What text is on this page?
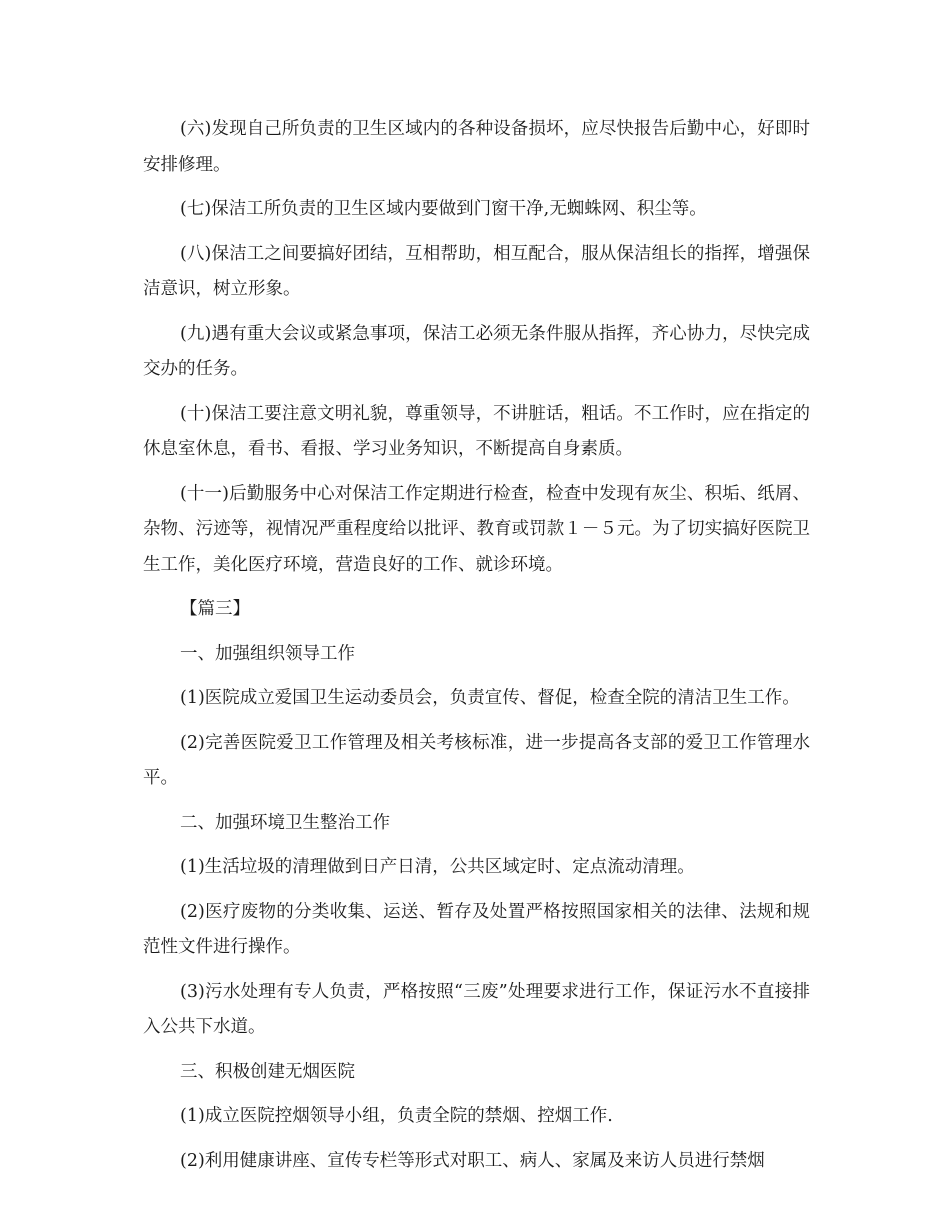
(六)发现自己所负责的卫生区域内的各种设备损坏，应尽快报告后勤中心，好即时安排修理。

(七)保洁工所负责的卫生区域内要做到门窗干净,无蜘蛛网、积尘等。

(八)保洁工之间要搞好团结，互相帮助，相互配合，服从保洁组长的指挥，增强保洁意识，树立形象。

(九)遇有重大会议或紧急事项，保洁工必须无条件服从指挥，齐心协力，尽快完成交办的任务。

(十)保洁工要注意文明礼貌，尊重领导，不讲脏话，粗话。不工作时，应在指定的休息室休息，看书、看报、学习业务知识，不断提高自身素质。

(十一)后勤服务中心对保洁工作定期进行检查，检查中发现有灰尘、积垢、纸屑、杂物、污迹等，视情况严重程度给以批评、教育或罚款１－５元。为了切实搞好医院卫生工作，美化医疗环境，营造良好的工作、就诊环境。

【篇三】

一、加强组织领导工作

(1)医院成立爱国卫生运动委员会，负责宣传、督促，检查全院的清洁卫生工作。

(2)完善医院爱卫工作管理及相关考核标准，进一步提高各支部的爱卫工作管理水平。

二、加强环境卫生整治工作

(1)生活垃圾的清理做到日产日清，公共区域定时、定点流动清理。

(2)医疗废物的分类收集、运送、暂存及处置严格按照国家相关的法律、法规和规范性文件进行操作。

(3)污水处理有专人负责，严格按照“三废”处理要求进行工作，保证污水不直接排入公共下水道。

三、积极创建无烟医院

(1)成立医院控烟领导小组，负责全院的禁烟、控烟工作.

(2)利用健康讲座、宣传专栏等形式对职工、病人、家属及来访人员进行禁烟
